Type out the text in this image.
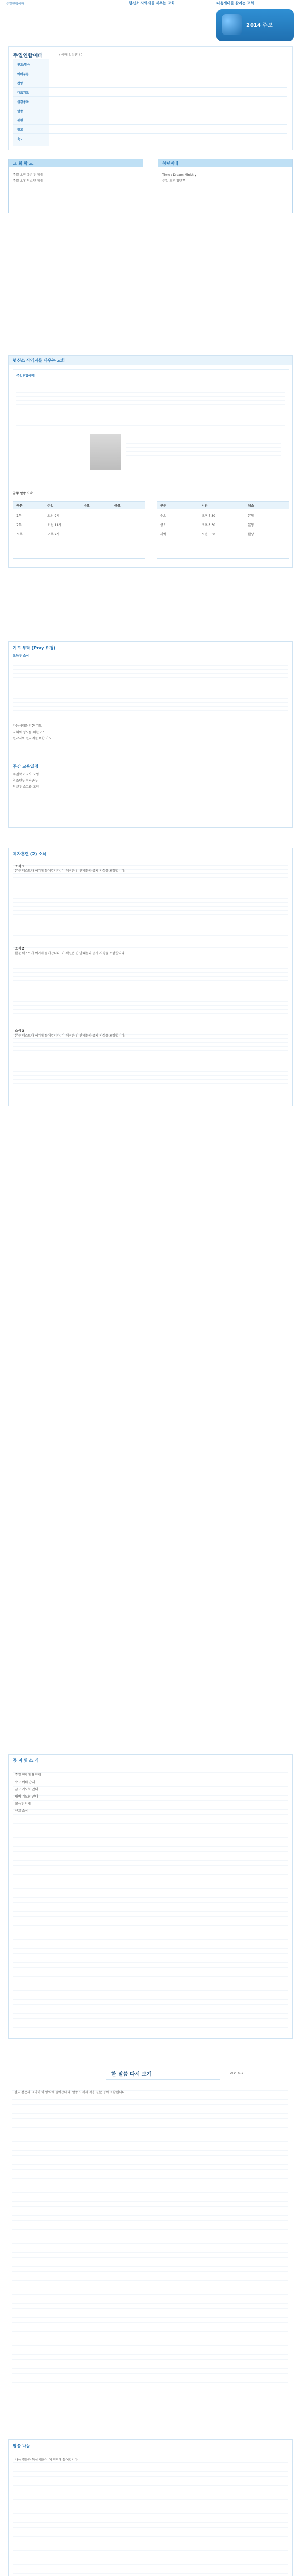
주일연합예배	행신소 사역자를 세우는 교회	다음세대를 살리는 교회
2014 주보
주일연합예배	( 예배 일정안내 )
인도/말씀
예배부름
찬양
대표기도
성경봉독
말씀
봉헌
광고
축도
교 회 학 교
주일 오전 유년부 예배
주일 오후 청소년 예배
청년예배
Time : Dream Ministry
주일 오후 청년부
행신소 사역자를 세우는 교회
주일연합예배
금주 말씀 요약
구분	주일	수요	금요
1부	오전 9시
2부	오전 11시
오후	오후 2시
구분	시간	장소
수요	오후 7:30	본당
금요	오후 8:30	본당
새벽	오전 5:30	본당
기도 부탁 (Pray 요청)
교육부 소식
다음세대를 위한 기도
교회와 성도를 위한 기도
선교사와 선교지를 위한 기도
주간 교육일정
주일학교 교사 모임
청소년부 성경공부
청년부 소그룹 모임
제자훈련 (2) 소식
소식 1
본문 텍스트가 여기에 들어갑니다. 이 섹션은 긴 안내문과 공지 사항을 포함합니다.
소식 2
본문 텍스트가 여기에 들어갑니다. 이 섹션은 긴 안내문과 공지 사항을 포함합니다.
소식 3
본문 텍스트가 여기에 들어갑니다. 이 섹션은 긴 안내문과 공지 사항을 포함합니다.
공 지 및 소 식
주일 연합예배 안내
수요 예배 안내
금요 기도회 안내
새벽 기도회 안내
교육부 안내
선교 소식
한 말씀 다시 보기	2014. 6. 1
설교 본문과 요약이 이 영역에 들어갑니다. 말씀 요약과 적용 질문 등이 포함됩니다.
말씀 나눔
나눔 질문과 묵상 내용이 이 영역에 들어갑니다.
